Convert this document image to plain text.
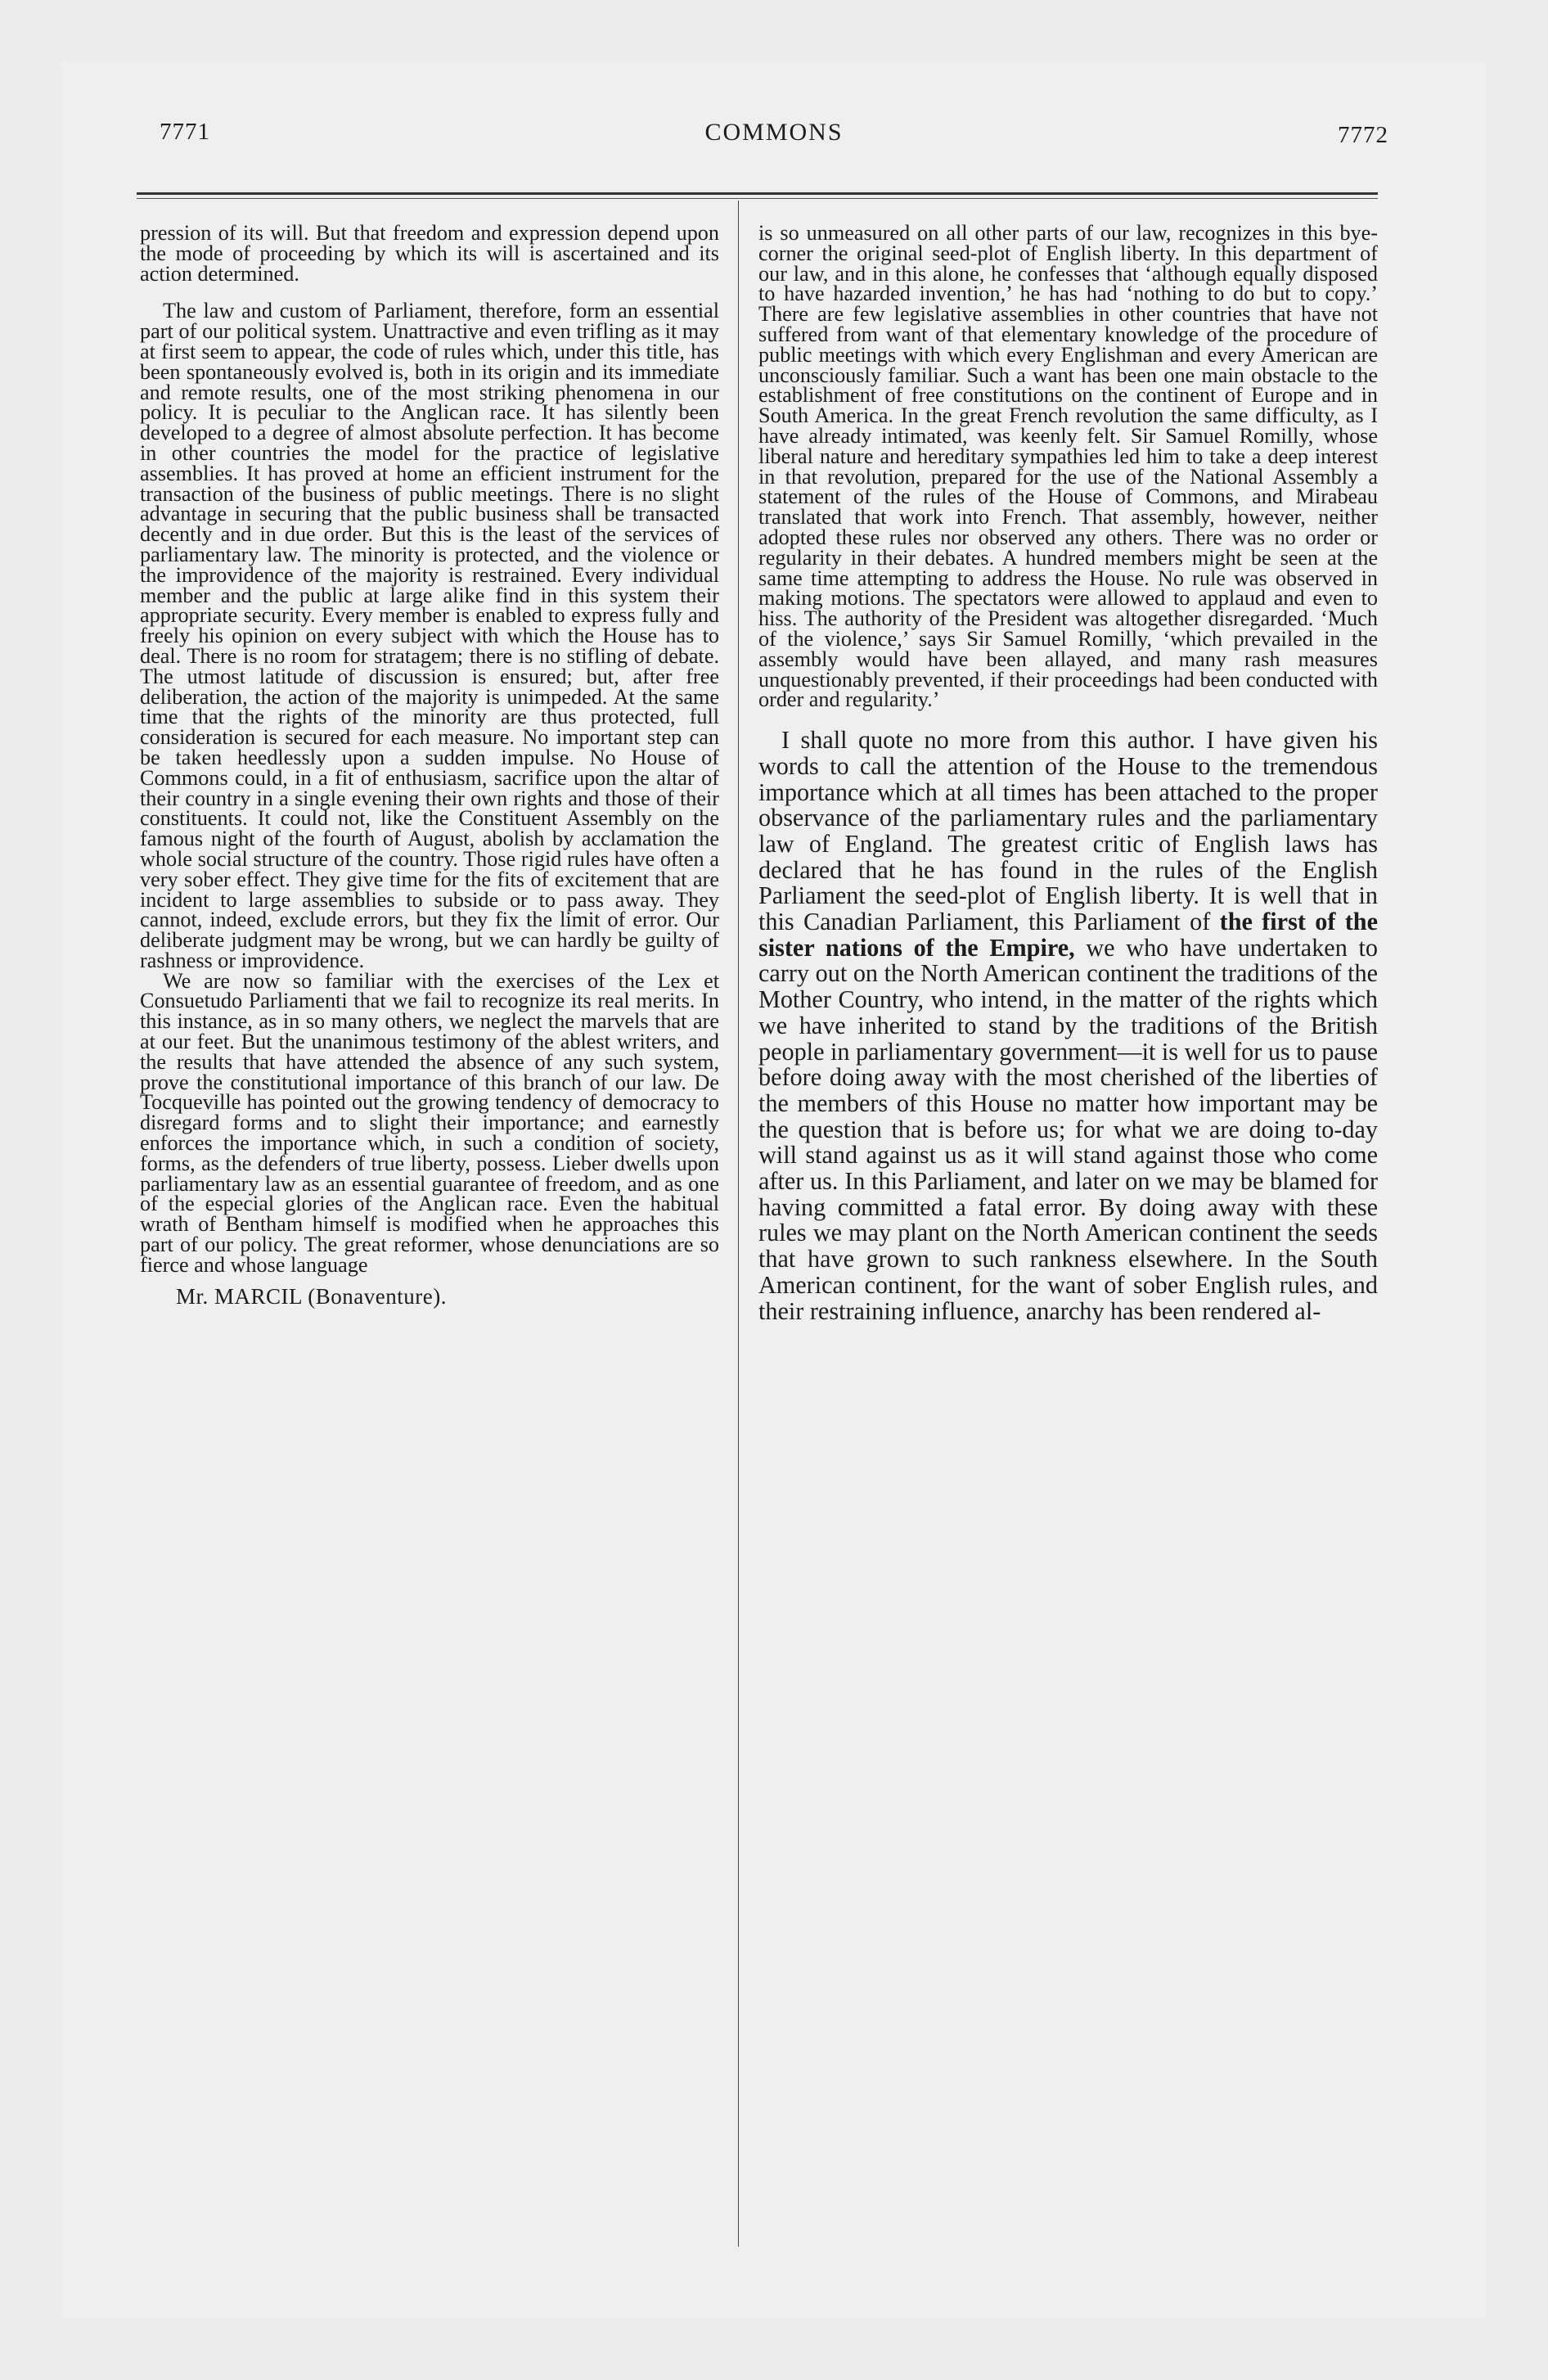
7771	COMMONS	7772

pression of its will. But that freedom and expression depend upon the mode of proceeding by which its will is ascertained and its action determined.

The law and custom of Parliament, therefore, form an essential part of our political system. Unattractive and even trifling as it may at first seem to appear, the code of rules which, under this title, has been spontaneously evolved is, both in its origin and its immediate and remote results, one of the most striking phenomena in our policy. It is peculiar to the Anglican race. It has silently been developed to a degree of almost absolute perfection. It has become in other countries the model for the practice of legislative assemblies. It has proved at home an efficient instrument for the transaction of the business of public meetings. There is no slight advantage in securing that the public business shall be transacted decently and in due order. But this is the least of the services of parliamentary law. The minority is protected, and the violence or the improvidence of the majority is restrained. Every individual member and the public at large alike find in this system their appropriate security. Every member is enabled to express fully and freely his opinion on every subject with which the House has to deal. There is no room for stratagem; there is no stifling of debate. The utmost latitude of discussion is ensured; but, after free deliberation, the action of the majority is unimpeded. At the same time that the rights of the minority are thus protected, full consideration is secured for each measure. No important step can be taken heedlessly upon a sudden impulse. No House of Commons could, in a fit of enthusiasm, sacrifice upon the altar of their country in a single evening their own rights and those of their constituents. It could not, like the Constituent Assembly on the famous night of the fourth of August, abolish by acclamation the whole social structure of the country. Those rigid rules have often a very sober effect. They give time for the fits of excitement that are incident to large assemblies to subside or to pass away. They cannot, indeed, exclude errors, but they fix the limit of error. Our deliberate judgment may be wrong, but we can hardly be guilty of rashness or improvidence.

We are now so familiar with the exercises of the Lex et Consuetudo Parliamenti that we fail to recognize its real merits. In this instance, as in so many others, we neglect the marvels that are at our feet. But the unanimous testimony of the ablest writers, and the results that have attended the absence of any such system, prove the constitutional importance of this branch of our law. De Tocqueville has pointed out the growing tendency of democracy to disregard forms and to slight their importance; and earnestly enforces the importance which, in such a condition of society, forms, as the defenders of true liberty, possess. Lieber dwells upon parliamentary law as an essential guarantee of freedom, and as one of the especial glories of the Anglican race. Even the habitual wrath of Bentham himself is modified when he approaches this part of our policy. The great reformer, whose denunciations are so fierce and whose language

Mr. MARCIL (Bonaventure).

is so unmeasured on all other parts of our law, recognizes in this bye-corner the original seed-plot of English liberty. In this department of our law, and in this alone, he confesses that ‘although equally disposed to have hazarded invention,’ he has had ‘nothing to do but to copy.’ There are few legislative assemblies in other countries that have not suffered from want of that elementary knowledge of the procedure of public meetings with which every Englishman and every American are unconsciously familiar. Such a want has been one main obstacle to the establishment of free constitutions on the continent of Europe and in South America. In the great French revolution the same difficulty, as I have already intimated, was keenly felt. Sir Samuel Romilly, whose liberal nature and hereditary sympathies led him to take a deep interest in that revolution, prepared for the use of the National Assembly a statement of the rules of the House of Commons, and Mirabeau translated that work into French. That assembly, however, neither adopted these rules nor observed any others. There was no order or regularity in their debates. A hundred members might be seen at the same time attempting to address the House. No rule was observed in making motions. The spectators were allowed to applaud and even to hiss. The authority of the President was altogether disregarded. ‘Much of the violence,’ says Sir Samuel Romilly, ‘which prevailed in the assembly would have been allayed, and many rash measures unquestionably prevented, if their proceedings had been conducted with order and regularity.’

I shall quote no more from this author. I have given his words to call the attention of the House to the tremendous importance which at all times has been attached to the proper observance of the parliamentary rules and the parliamentary law of England. The greatest critic of English laws has declared that he has found in the rules of the English Parliament the seed-plot of English liberty. It is well that in this Canadian Parliament, this Parliament of the first of the sister nations of the Empire, we who have undertaken to carry out on the North American continent the traditions of the Mother Country, who intend, in the matter of the rights which we have inherited to stand by the traditions of the British people in parliamentary government—it is well for us to pause before doing away with the most cherished of the liberties of the members of this House no matter how important may be the question that is before us; for what we are doing to-day will stand against us as it will stand against those who come after us. In this Parliament, and later on we may be blamed for having committed a fatal error. By doing away with these rules we may plant on the North American continent the seeds that have grown to such rankness elsewhere. In the South American continent, for the want of sober English rules, and their restraining influence, anarchy has been rendered al-
